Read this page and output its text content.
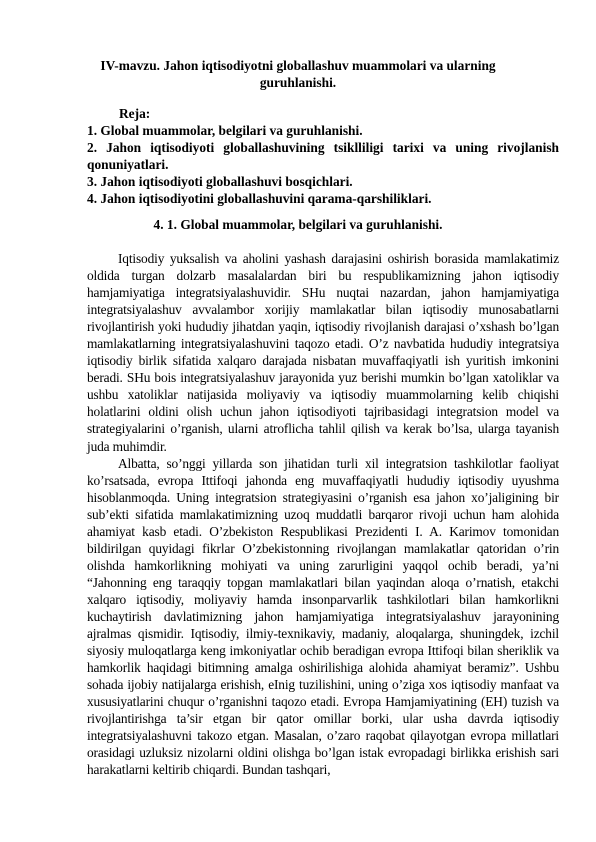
IV-mavzu. Jahon iqtisodiyotni globallashuv muammolari va ularning guruhlanishi.
Reja:
1. Global muammolar, belgilari va guruhlanishi.
2. Jahon iqtisodiyoti globallashuvining tsiklliligi tarixi va uning rivojlanish qonuniyatlari.
3. Jahon iqtisodiyoti globallashuvi bosqichlari.
4. Jahon iqtisodiyotini globallashuvini qarama-qarshiliklari.
4. 1. Global muammolar, belgilari va guruhlanishi.

Iqtisodiy yuksalish va aholini yashash darajasini oshirish borasida mamlakatimiz oldida turgan dolzarb masalalardan biri bu respublikamizning jahon iqtisodiy hamjamiyatiga integratsiyalashuvidir. SHu nuqtai nazardan, jahon hamjamiyatiga integratsiyalashuv avvalambor xorijiy mamlakatlar bilan iqtisodiy munosabatlarni rivojlantirish yoki hududiy jihatdan yaqin, iqtisodiy rivojlanish darajasi o’xshash bo’lgan mamlakatlarning integratsiyalashuvini taqozo etadi. O’z navbatida hududiy integratsiya iqtisodiy birlik sifatida xalqaro darajada nisbatan muvaffaqiyatli ish yuritish imkonini beradi. SHu bois integratsiyalashuv jarayonida yuz berishi mumkin bo’lgan xatoliklar va ushbu xatoliklar natijasida moliyaviy va iqtisodiy muammolarning kelib chiqishi holatlarini oldini olish uchun jahon iqtisodiyoti tajribasidagi integratsion model va strategiyalarini o’rganish, ularni atroflicha tahlil qilish va kerak bo’lsa, ularga tayanish juda muhimdir.

Albatta, so’nggi yillarda son jihatidan turli xil integratsion tashkilotlar faoliyat ko’rsatsada, evropa Ittifoqi jahonda eng muvaffaqiyatli hududiy iqtisodiy uyushma hisoblanmoqda. Uning integratsion strategiyasini o’rganish esa jahon xo’jaligining bir sub’ekti sifatida mamlakatimizning uzoq muddatli barqaror rivoji uchun ham alohida ahamiyat kasb etadi. O’zbekiston Respublikasi Prezidenti I. A. Karimov tomonidan bildirilgan quyidagi fikrlar O’zbekistonning rivojlangan mamlakatlar qatoridan o’rin olishda hamkorlikning mohiyati va uning zarurligini yaqqol ochib beradi, ya’ni “Jahonning eng taraqqiy topgan mamlakatlari bilan yaqindan aloqa o’rnatish, etakchi xalqaro iqtisodiy, moliyaviy hamda insonparvarlik tashkilotlari bilan hamkorlikni kuchaytirish davlatimizning jahon hamjamiyatiga integratsiyalashuv jarayonining ajralmas qismidir. Iqtisodiy, ilmiy-texnikaviy, madaniy, aloqalarga, shuningdek, izchil siyosiy muloqatlarga keng imkoniyatlar ochib beradigan evropa Ittifoqi bilan sheriklik va hamkorlik haqidagi bitimning amalga oshirilishiga alohida ahamiyat beramiz”. Ushbu sohada ijobiy natijalarga erishish, eInig tuzilishini, uning o’ziga xos iqtisodiy manfaat va xususiyatlarini chuqur o’rganishni taqozo etadi. Evropa Hamjamiyatining (EH) tuzish va rivojlantirishga ta’sir etgan bir qator omillar borki, ular usha davrda iqtisodiy integratsiyalashuvni takozo etgan. Masalan, o’zaro raqobat qilayotgan evropa millatlari orasidagi uzluksiz nizolarni oldini olishga bo’lgan istak evropadagi birlikka erishish sari harakatlarni keltirib chiqardi. Bundan tashqari,
